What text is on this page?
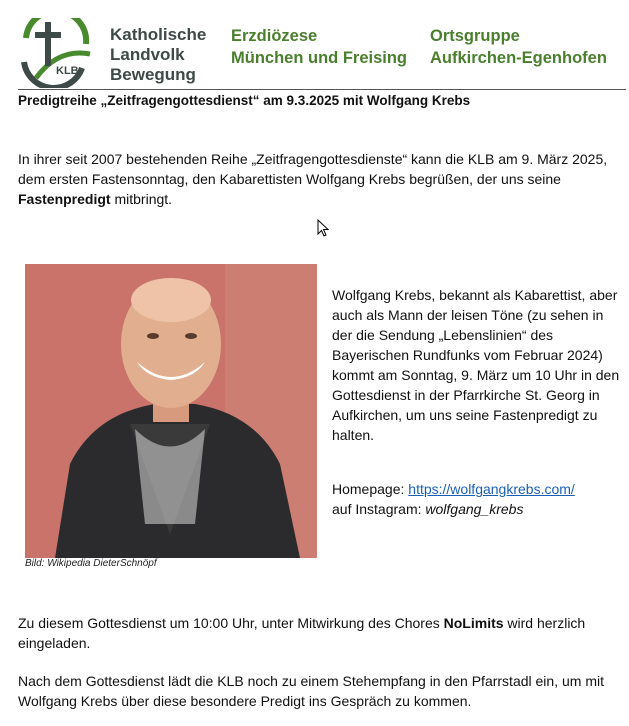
KLB
Katholische
Landvolk
Bewegung
Erzdiözese
München und Freising
Ortsgruppe
Aufkirchen-Egenhofen
Predigtreihe „Zeitfragengottesdienst“ am 9.3.2025 mit Wolfgang Krebs
In ihrer seit 2007 bestehenden Reihe „Zeitfragengottesdienste“ kann die KLB am 9. März 2025, dem ersten Fastensonntag, den Kabarettisten Wolfgang Krebs begrüßen, der uns seine Fastenpredigt mitbringt.
Bild: Wikipedia DieterSchnöpf
Wolfgang Krebs, bekannt als Kabarettist, aber auch als Mann der leisen Töne (zu sehen in der die Sendung „Lebenslinien“ des Bayerischen Rundfunks vom Februar 2024) kommt am Sonntag, 9. März um 10 Uhr in den Gottesdienst in der Pfarrkirche St. Georg in Aufkirchen, um uns seine Fastenpredigt zu halten.
Homepage: https://wolfgangkrebs.com/
auf Instagram: wolfgang_krebs
Zu diesem Gottesdienst um 10:00 Uhr, unter Mitwirkung des Chores NoLimits wird herzlich eingeladen.
Nach dem Gottesdienst lädt die KLB noch zu einem Stehempfang in den Pfarrstadl ein, um mit Wolfgang Krebs über diese besondere Predigt ins Gespräch zu kommen.
